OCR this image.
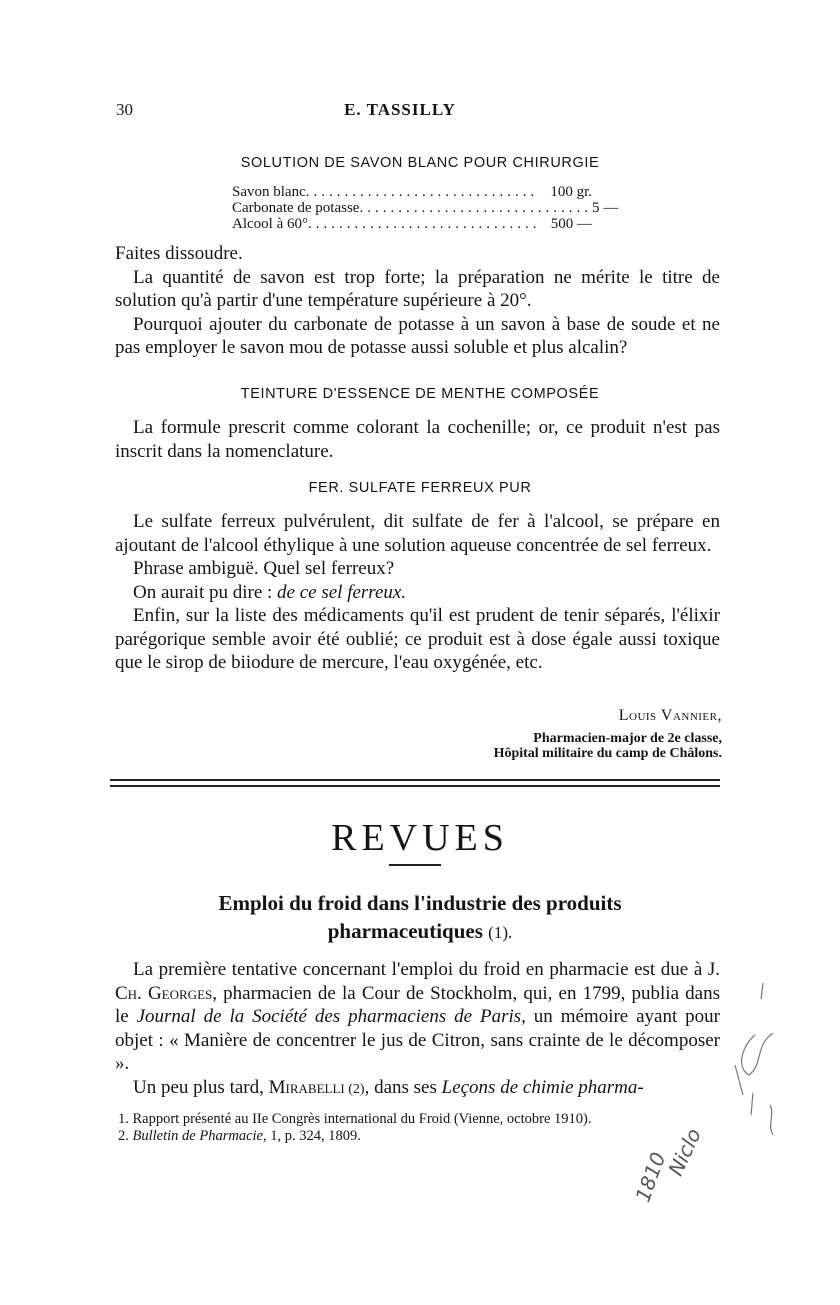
30	E. TASSILLY
SOLUTION DE SAVON BLANC POUR CHIRURGIE
Savon blanc .............................. 100 gr.
Carbonate de potasse .............................. 5 —
Alcool à 60° .............................. 500 —

Faites dissoudre.

La quantité de savon est trop forte; la préparation ne mérite le titre de solution qu'à partir d'une température supérieure à 20°.

Pourquoi ajouter du carbonate de potasse à un savon à base de soude et ne pas employer le savon mou de potasse aussi soluble et plus alcalin?

TEINTURE D'ESSENCE DE MENTHE COMPOSÉE

La formule prescrit comme colorant la cochenille; or, ce produit n'est pas inscrit dans la nomenclature.

FER. SULFATE FERREUX PUR

Le sulfate ferreux pulvérulent, dit sulfate de fer à l'alcool, se prépare en ajoutant de l'alcool éthylique à une solution aqueuse concentrée de sel ferreux.

Phrase ambiguë. Quel sel ferreux?

On aurait pu dire : de ce sel ferreux.

Enfin, sur la liste des médicaments qu'il est prudent de tenir séparés, l'élixir parégorique semble avoir été oublié; ce produit est à dose égale aussi toxique que le sirop de biiodure de mercure, l'eau oxygénée, etc.

Louis Vannier,
Pharmacien-major de 2e classe,
Hôpital militaire du camp de Châlons.
REVUES
Emploi du froid dans l'industrie des produits
pharmaceutiques (1).

La première tentative concernant l'emploi du froid en pharmacie est due à J. Ch. Georges, pharmacien de la Cour de Stockholm, qui, en 1799, publia dans le Journal de la Société des pharmaciens de Paris, un mémoire ayant pour objet : « Manière de concentrer le jus de Citron, sans crainte de le décomposer ».

Un peu plus tard, Mirabelli (2), dans ses Leçons de chimie pharma-

1. Rapport présenté au IIe Congrès international du Froid (Vienne, octobre 1910).

2. Bulletin de Pharmacie, 1, p. 324, 1809.

1810
Niclo
